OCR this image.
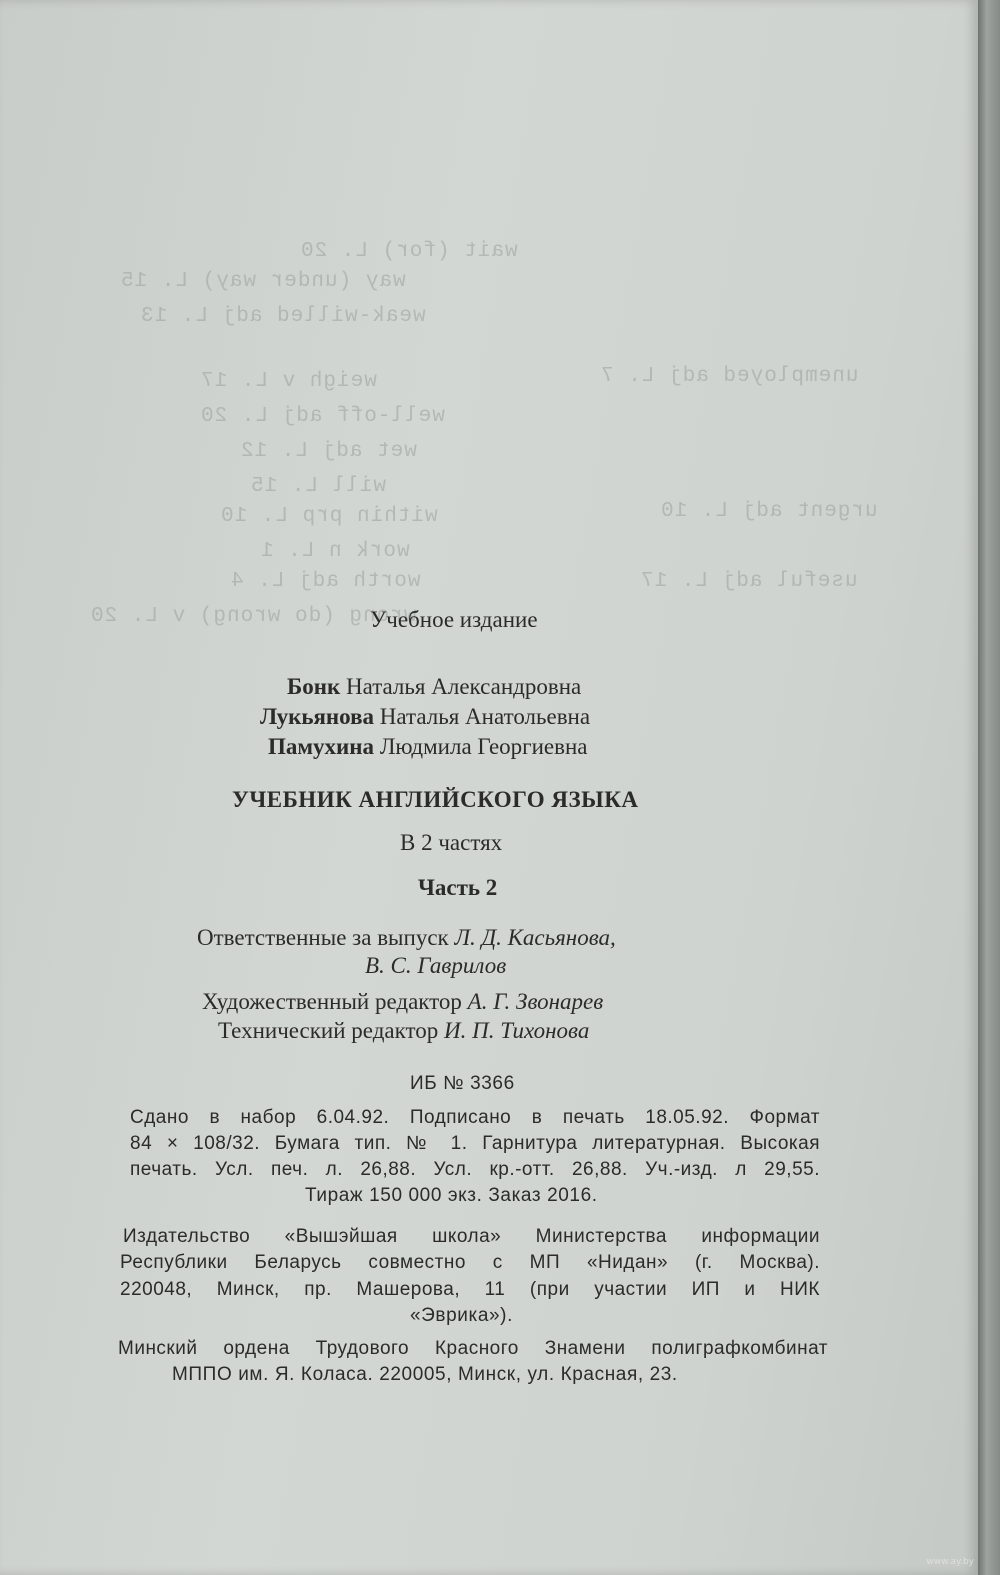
wait (for) L. 20
way (under way) L. 15
weak-willed adj L. 13
weigh v L. 17
well-off adj L. 20
wet adj L. 12
will L. 15
within prp L. 10
work n L. 1
worth adj L. 4
wrong (do wrong) v L. 20
unemployed adj L. 7
urgent adj L. 10
useful adj L. 17
Учебное издание
Бонк Наталья Александровна
Лукьянова Наталья Анатольевна
Памухина Людмила Георгиевна
УЧЕБНИК АНГЛИЙСКОГО ЯЗЫКА
В 2 частях
Часть 2
Ответственные за выпуск Л. Д. Касьянова,
В. С. Гаврилов
Художественный редактор А. Г. Звонарев
Технический редактор И. П. Тихонова
ИБ № 3366
Сдано в набор 6.04.92. Подписано в печать 18.05.92. Формат
84 × 108/32. Бумага тип. № 1. Гарнитура литературная. Высокая
печать. Усл. печ. л. 26,88. Усл. кр.-отт. 26,88. Уч.-изд. л 29,55.
Тираж 150 000 экз. Заказ 2016.
Издательство «Вышэйшая школа» Министерства информации
Республики Беларусь совместно с МП «Нидан» (г. Москва).
220048, Минск, пр. Машерова, 11 (при участии ИП и НИК
«Эврика»).
Минский ордена Трудового Красного Знамени полиграфкомбинат
МППО им. Я. Коласа. 220005, Минск, ул. Красная, 23.
www.ay.by
